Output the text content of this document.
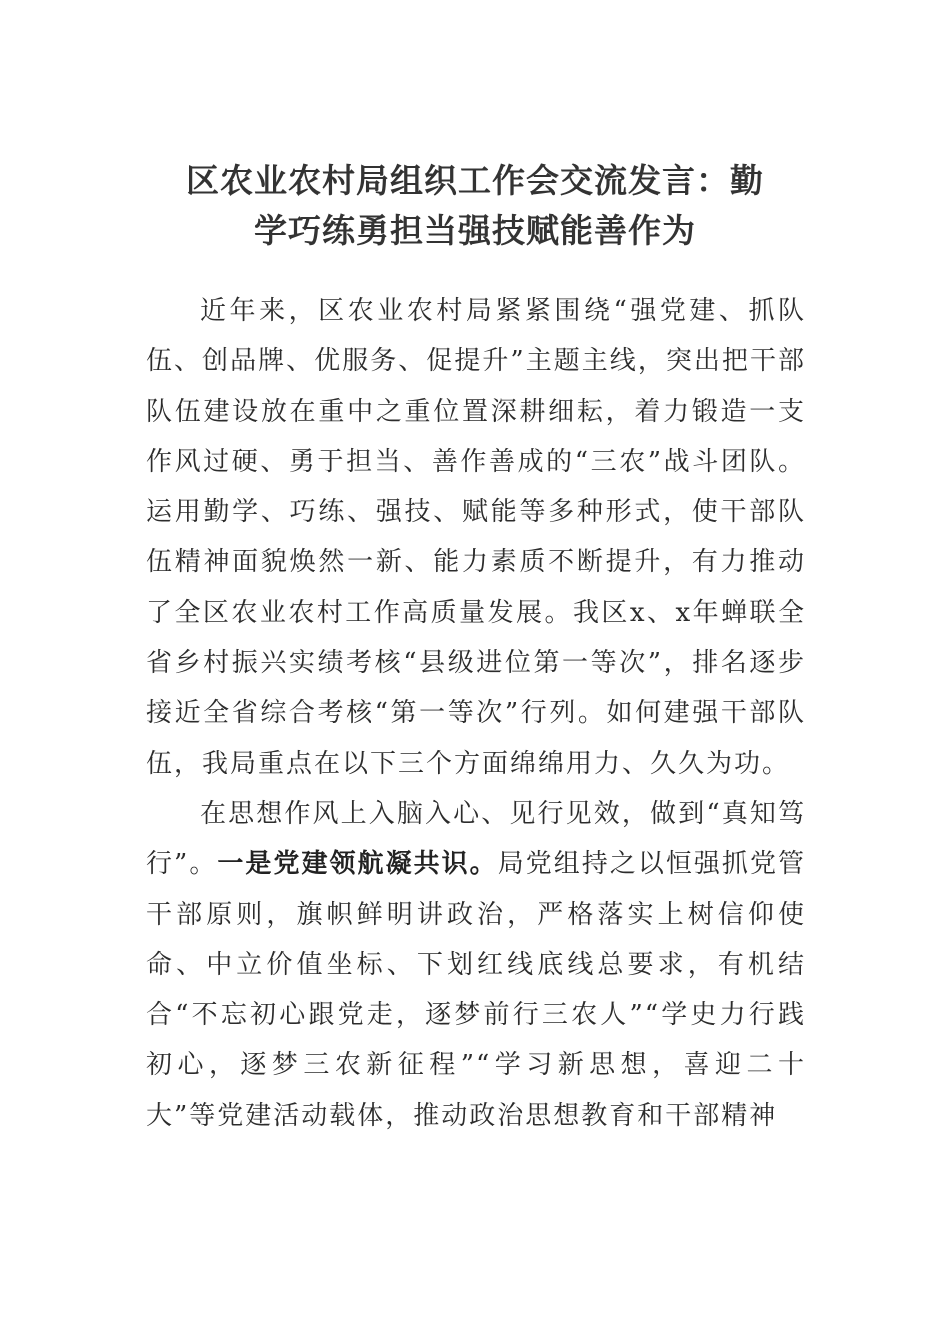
区农业农村局组织工作会交流发言：勤
学巧练勇担当强技赋能善作为

近年来，区农业农村局紧紧围绕“强党建、抓队伍、创品牌、优服务、促提升”主题主线，突出把干部队伍建设放在重中之重位置深耕细耘，着力锻造一支作风过硬、勇于担当、善作善成的“三农”战斗团队。运用勤学、巧练、强技、赋能等多种形式，使干部队伍精神面貌焕然一新、能力素质不断提升，有力推动了全区农业农村工作高质量发展。我区x、x年蝉联全省乡村振兴实绩考核“县级进位第一等次”，排名逐步接近全省综合考核“第一等次”行列。如何建强干部队伍，我局重点在以下三个方面绵绵用力、久久为功。

在思想作风上入脑入心、见行见效，做到“真知笃行”。一是党建领航凝共识。局党组持之以恒强抓党管干部原则，旗帜鲜明讲政治，严格落实上树信仰使命、中立价值坐标、下划红线底线总要求，有机结合“不忘初心跟党走，逐梦前行三农人”“学史力行践初心，逐梦三农新征程”“学习新思想，喜迎二十大”等党建活动载体，推动政治思想教育和干部精神
